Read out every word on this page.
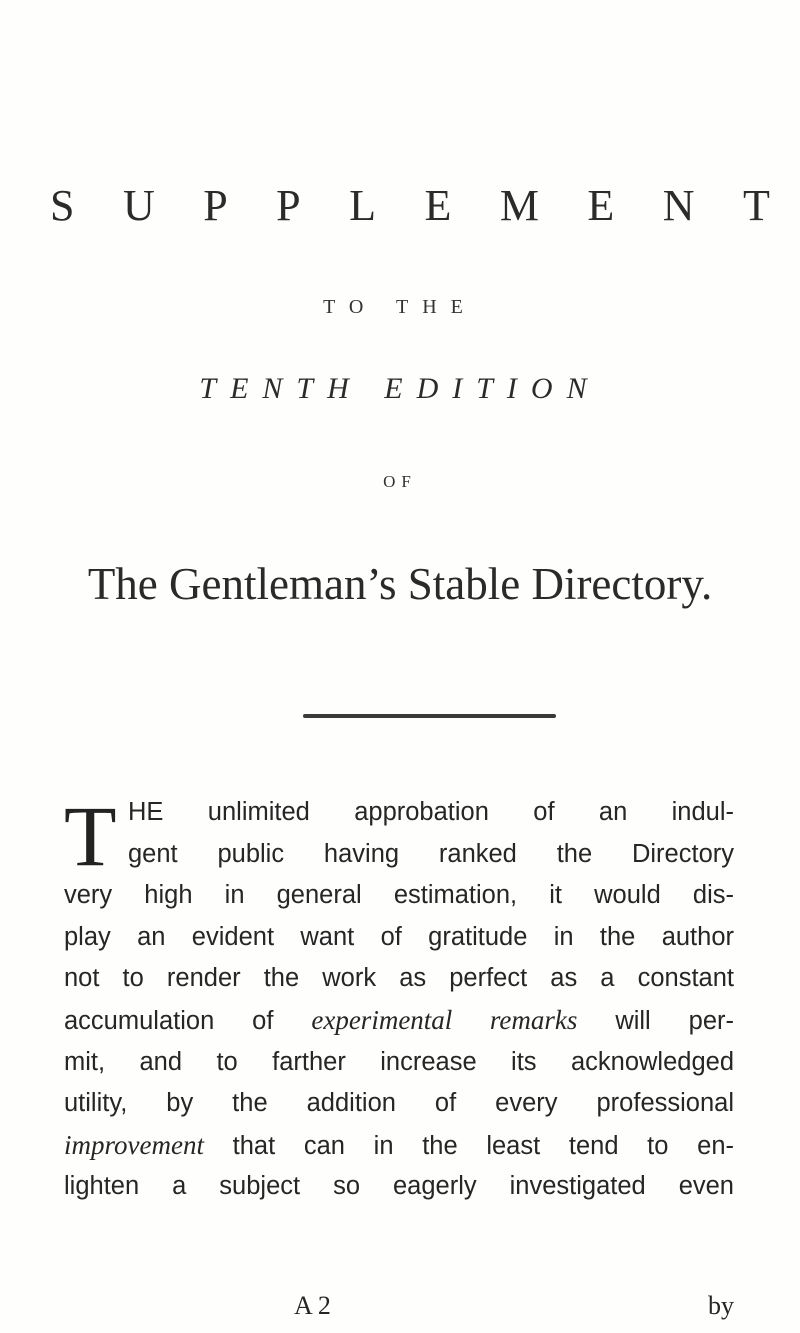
S U P P L E M E N T
TO THE
TENTH EDITION
OF
The Gentleman’s Stable Directory.
T HE unlimited approbation of an indul-
gent public having ranked the Directory
very high in general estimation, it would dis-
play an evident want of gratitude in the author
not to render the work as perfect as a constant
accumulation of experimental remarks will per-
mit, and to farther increase its acknowledged
utility, by the addition of every professional
improvement that can in the least tend to en-
lighten a subject so eagerly investigated even
A 2	by
